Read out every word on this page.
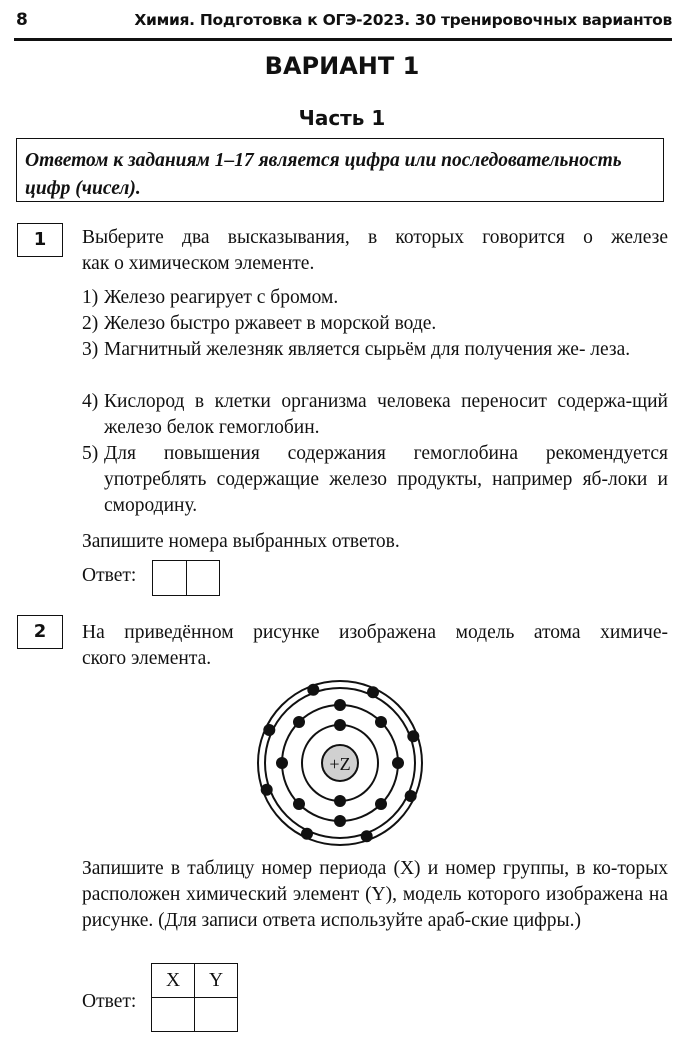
8	Химия. Подготовка к ОГЭ-2023. 30 тренировочных вариантов
ВАРИАНТ 1
Часть 1
Ответом к заданиям 1–17 является цифра или последовательность
цифр (чисел).
1	Выберите два высказывания, в которых говорится о железе
как о химическом элементе.
1) Железо реагирует с бромом.
2) Железо быстро ржавеет в морской воде.
3) Магнитный железняк является сырьём для получения же- леза.
4) Кислород в клетки организма человека переносит содержа-щий железо белок гемоглобин.
5) Для повышения содержания гемоглобина рекомендуется употреблять содержащие железо продукты, например яб-локи и смородину.
Запишите номера выбранных ответов.
Ответ:
2	На приведённом рисунке изображена модель атома химиче-
ского элемента.
+Z
Запишите в таблицу номер периода (X) и номер группы, в ко-торых расположен химический элемент (Y), модель которого изображена на рисунке. (Для записи ответа используйте араб-ские цифры.)
Ответ:
X	Y
